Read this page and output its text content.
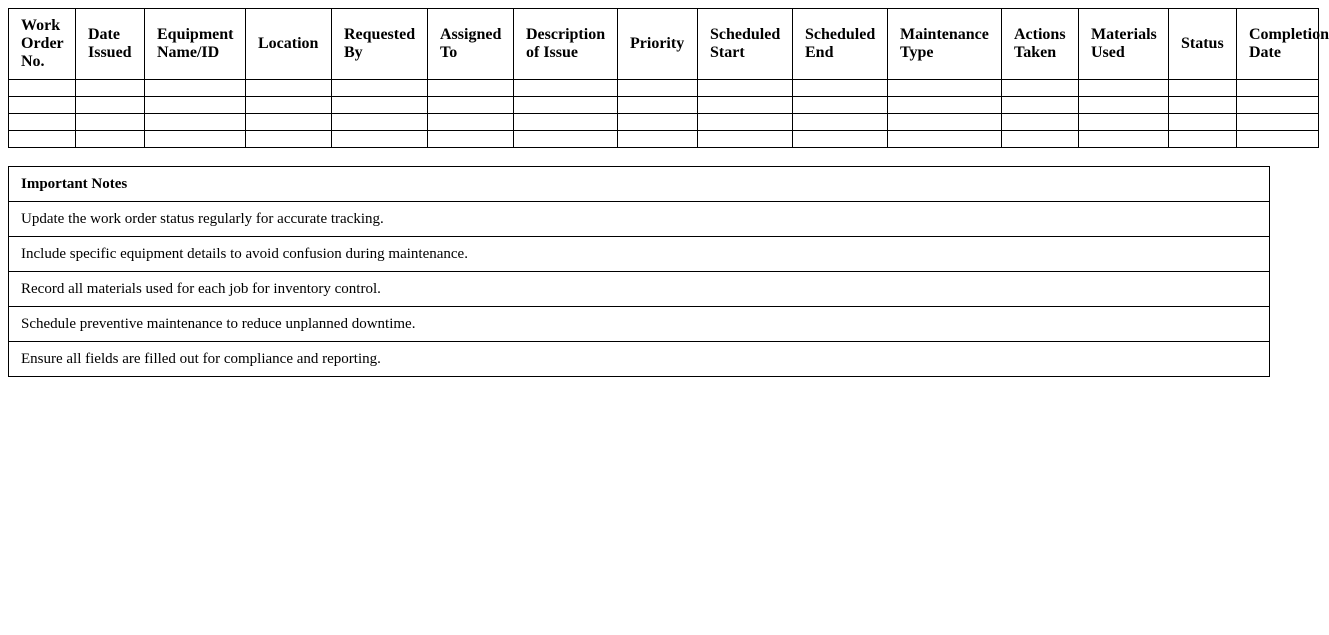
Work Order No.	Date Issued	Equipment Name/ID	Location	Requested By	Assigned To	Description of Issue	Priority	Scheduled Start	Scheduled End	Maintenance Type	Actions Taken	Materials Used	Status	Completion Date

Important Notes
Update the work order status regularly for accurate tracking.
Include specific equipment details to avoid confusion during maintenance.
Record all materials used for each job for inventory control.
Schedule preventive maintenance to reduce unplanned downtime.
Ensure all fields are filled out for compliance and reporting.
